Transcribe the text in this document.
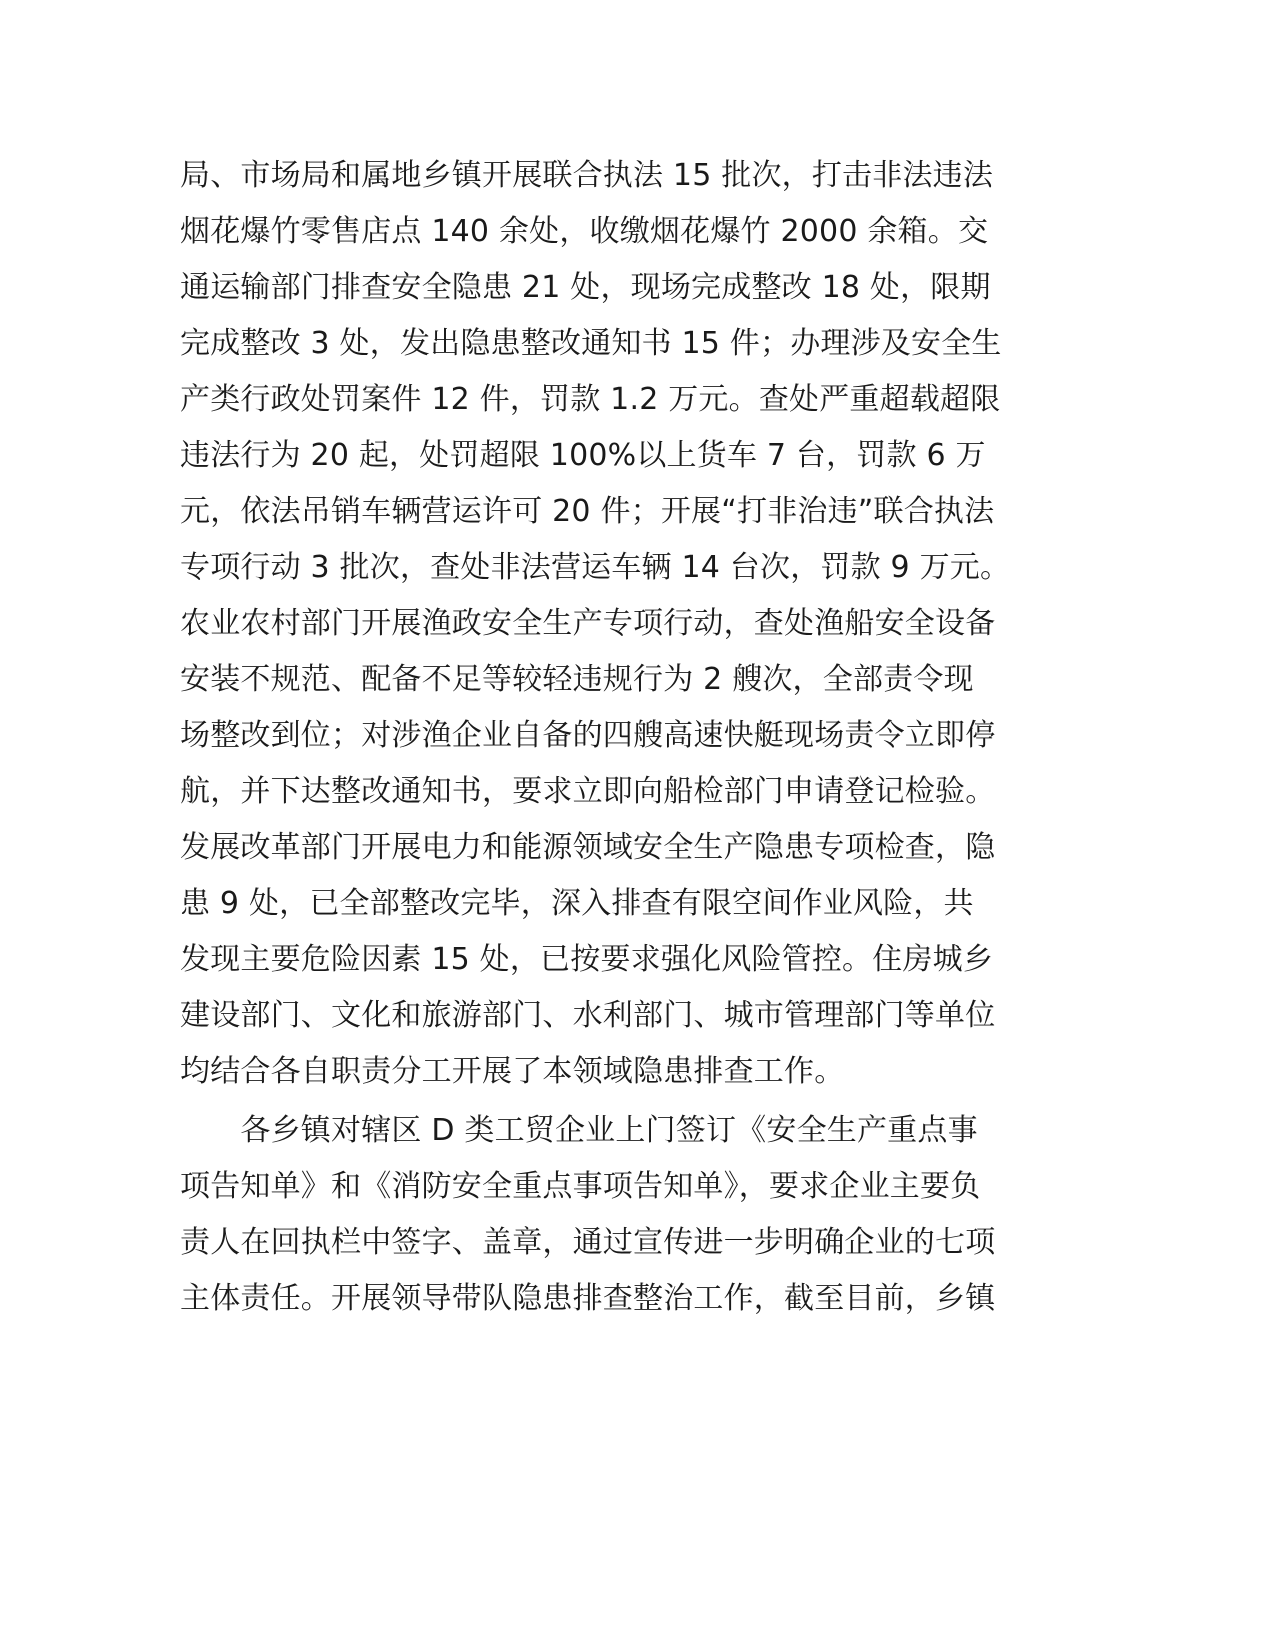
局、市场局和属地乡镇开展联合执法 15 批次，打击非法违法
烟花爆竹零售店点 140 余处，收缴烟花爆竹 2000 余箱。交
通运输部门排查安全隐患 21 处，现场完成整改 18 处，限期
完成整改 3 处，发出隐患整改通知书 15 件；办理涉及安全生
产类行政处罚案件 12 件，罚款 1.2 万元。查处严重超载超限
违法行为 20 起，处罚超限 100%以上货车 7 台，罚款 6 万
元，依法吊销车辆营运许可 20 件；开展“打非治违”联合执法
专项行动 3 批次，查处非法营运车辆 14 台次，罚款 9 万元。
农业农村部门开展渔政安全生产专项行动，查处渔船安全设备
安装不规范、配备不足等较轻违规行为 2 艘次，全部责令现
场整改到位；对涉渔企业自备的四艘高速快艇现场责令立即停
航，并下达整改通知书，要求立即向船检部门申请登记检验。
发展改革部门开展电力和能源领域安全生产隐患专项检查，隐
患 9 处，已全部整改完毕，深入排查有限空间作业风险，共
发现主要危险因素 15 处，已按要求强化风险管控。住房城乡
建设部门、文化和旅游部门、水利部门、城市管理部门等单位
均结合各自职责分工开展了本领域隐患排查工作。
　　各乡镇对辖区 D 类工贸企业上门签订《安全生产重点事
项告知单》和《消防安全重点事项告知单》，要求企业主要负
责人在回执栏中签字、盖章，通过宣传进一步明确企业的七项
主体责任。开展领导带队隐患排查整治工作，截至目前，乡镇
